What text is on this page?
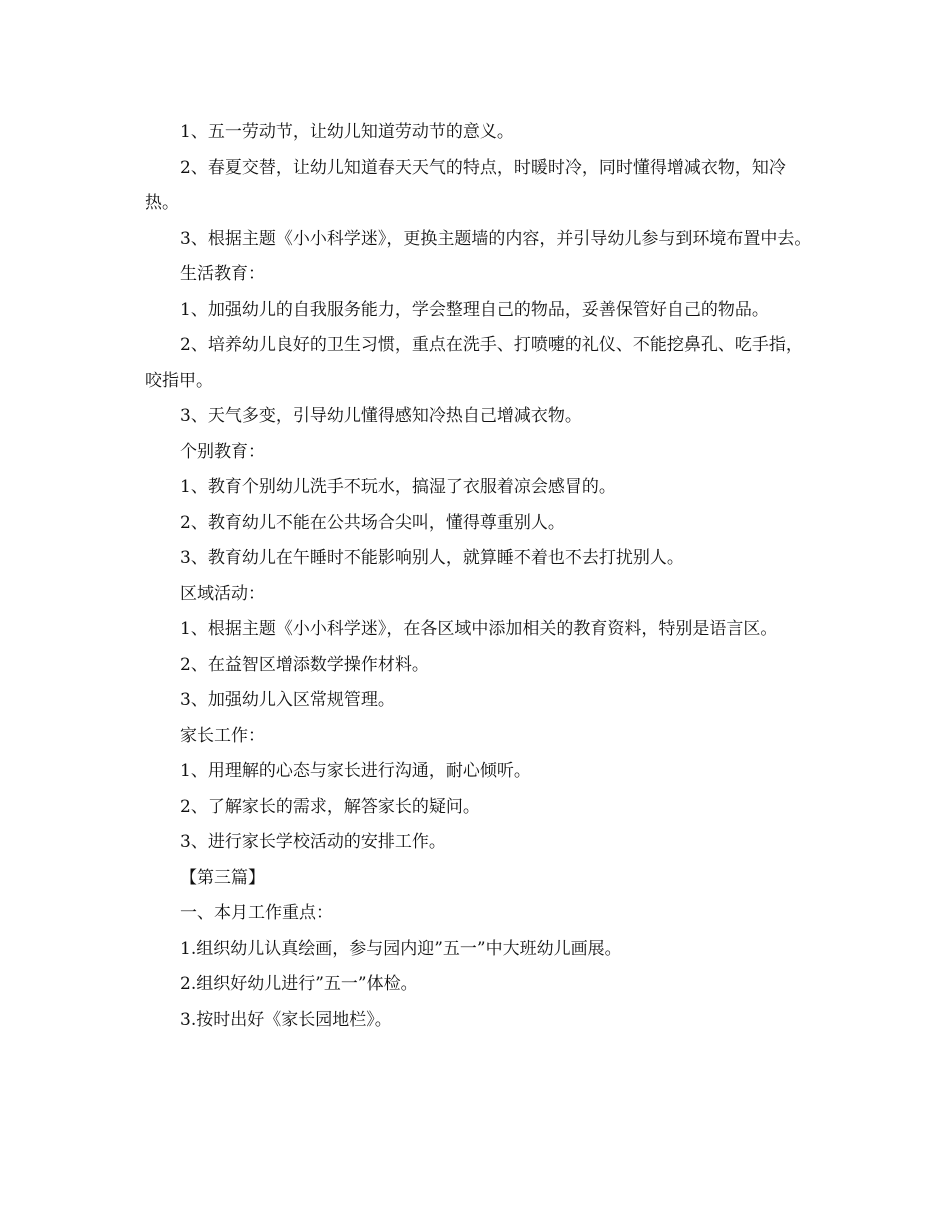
1、五一劳动节，让幼儿知道劳动节的意义。

2、春夏交替，让幼儿知道春天天气的特点，时暖时冷，同时懂得增减衣物，知冷热。

3、根据主题《小小科学迷》，更换主题墙的内容，并引导幼儿参与到环境布置中去。

生活教育：

1、加强幼儿的自我服务能力，学会整理自己的物品，妥善保管好自己的物品。

2、培养幼儿良好的卫生习惯，重点在洗手、打喷嚏的礼仪、不能挖鼻孔、吃手指，咬指甲。

3、天气多变，引导幼儿懂得感知冷热自己增减衣物。

个别教育：

1、教育个别幼儿洗手不玩水，搞湿了衣服着凉会感冒的。

2、教育幼儿不能在公共场合尖叫，懂得尊重别人。

3、教育幼儿在午睡时不能影响别人，就算睡不着也不去打扰别人。

区域活动：

1、根据主题《小小科学迷》，在各区域中添加相关的教育资料，特别是语言区。

2、在益智区增添数学操作材料。

3、加强幼儿入区常规管理。

家长工作：

1、用理解的心态与家长进行沟通，耐心倾听。

2、了解家长的需求，解答家长的疑问。

3、进行家长学校活动的安排工作。

【第三篇】

一、本月工作重点：

1.组织幼儿认真绘画，参与园内迎”五一”中大班幼儿画展。

2.组织好幼儿进行”五一”体检。

3.按时出好《家长园地栏》。
